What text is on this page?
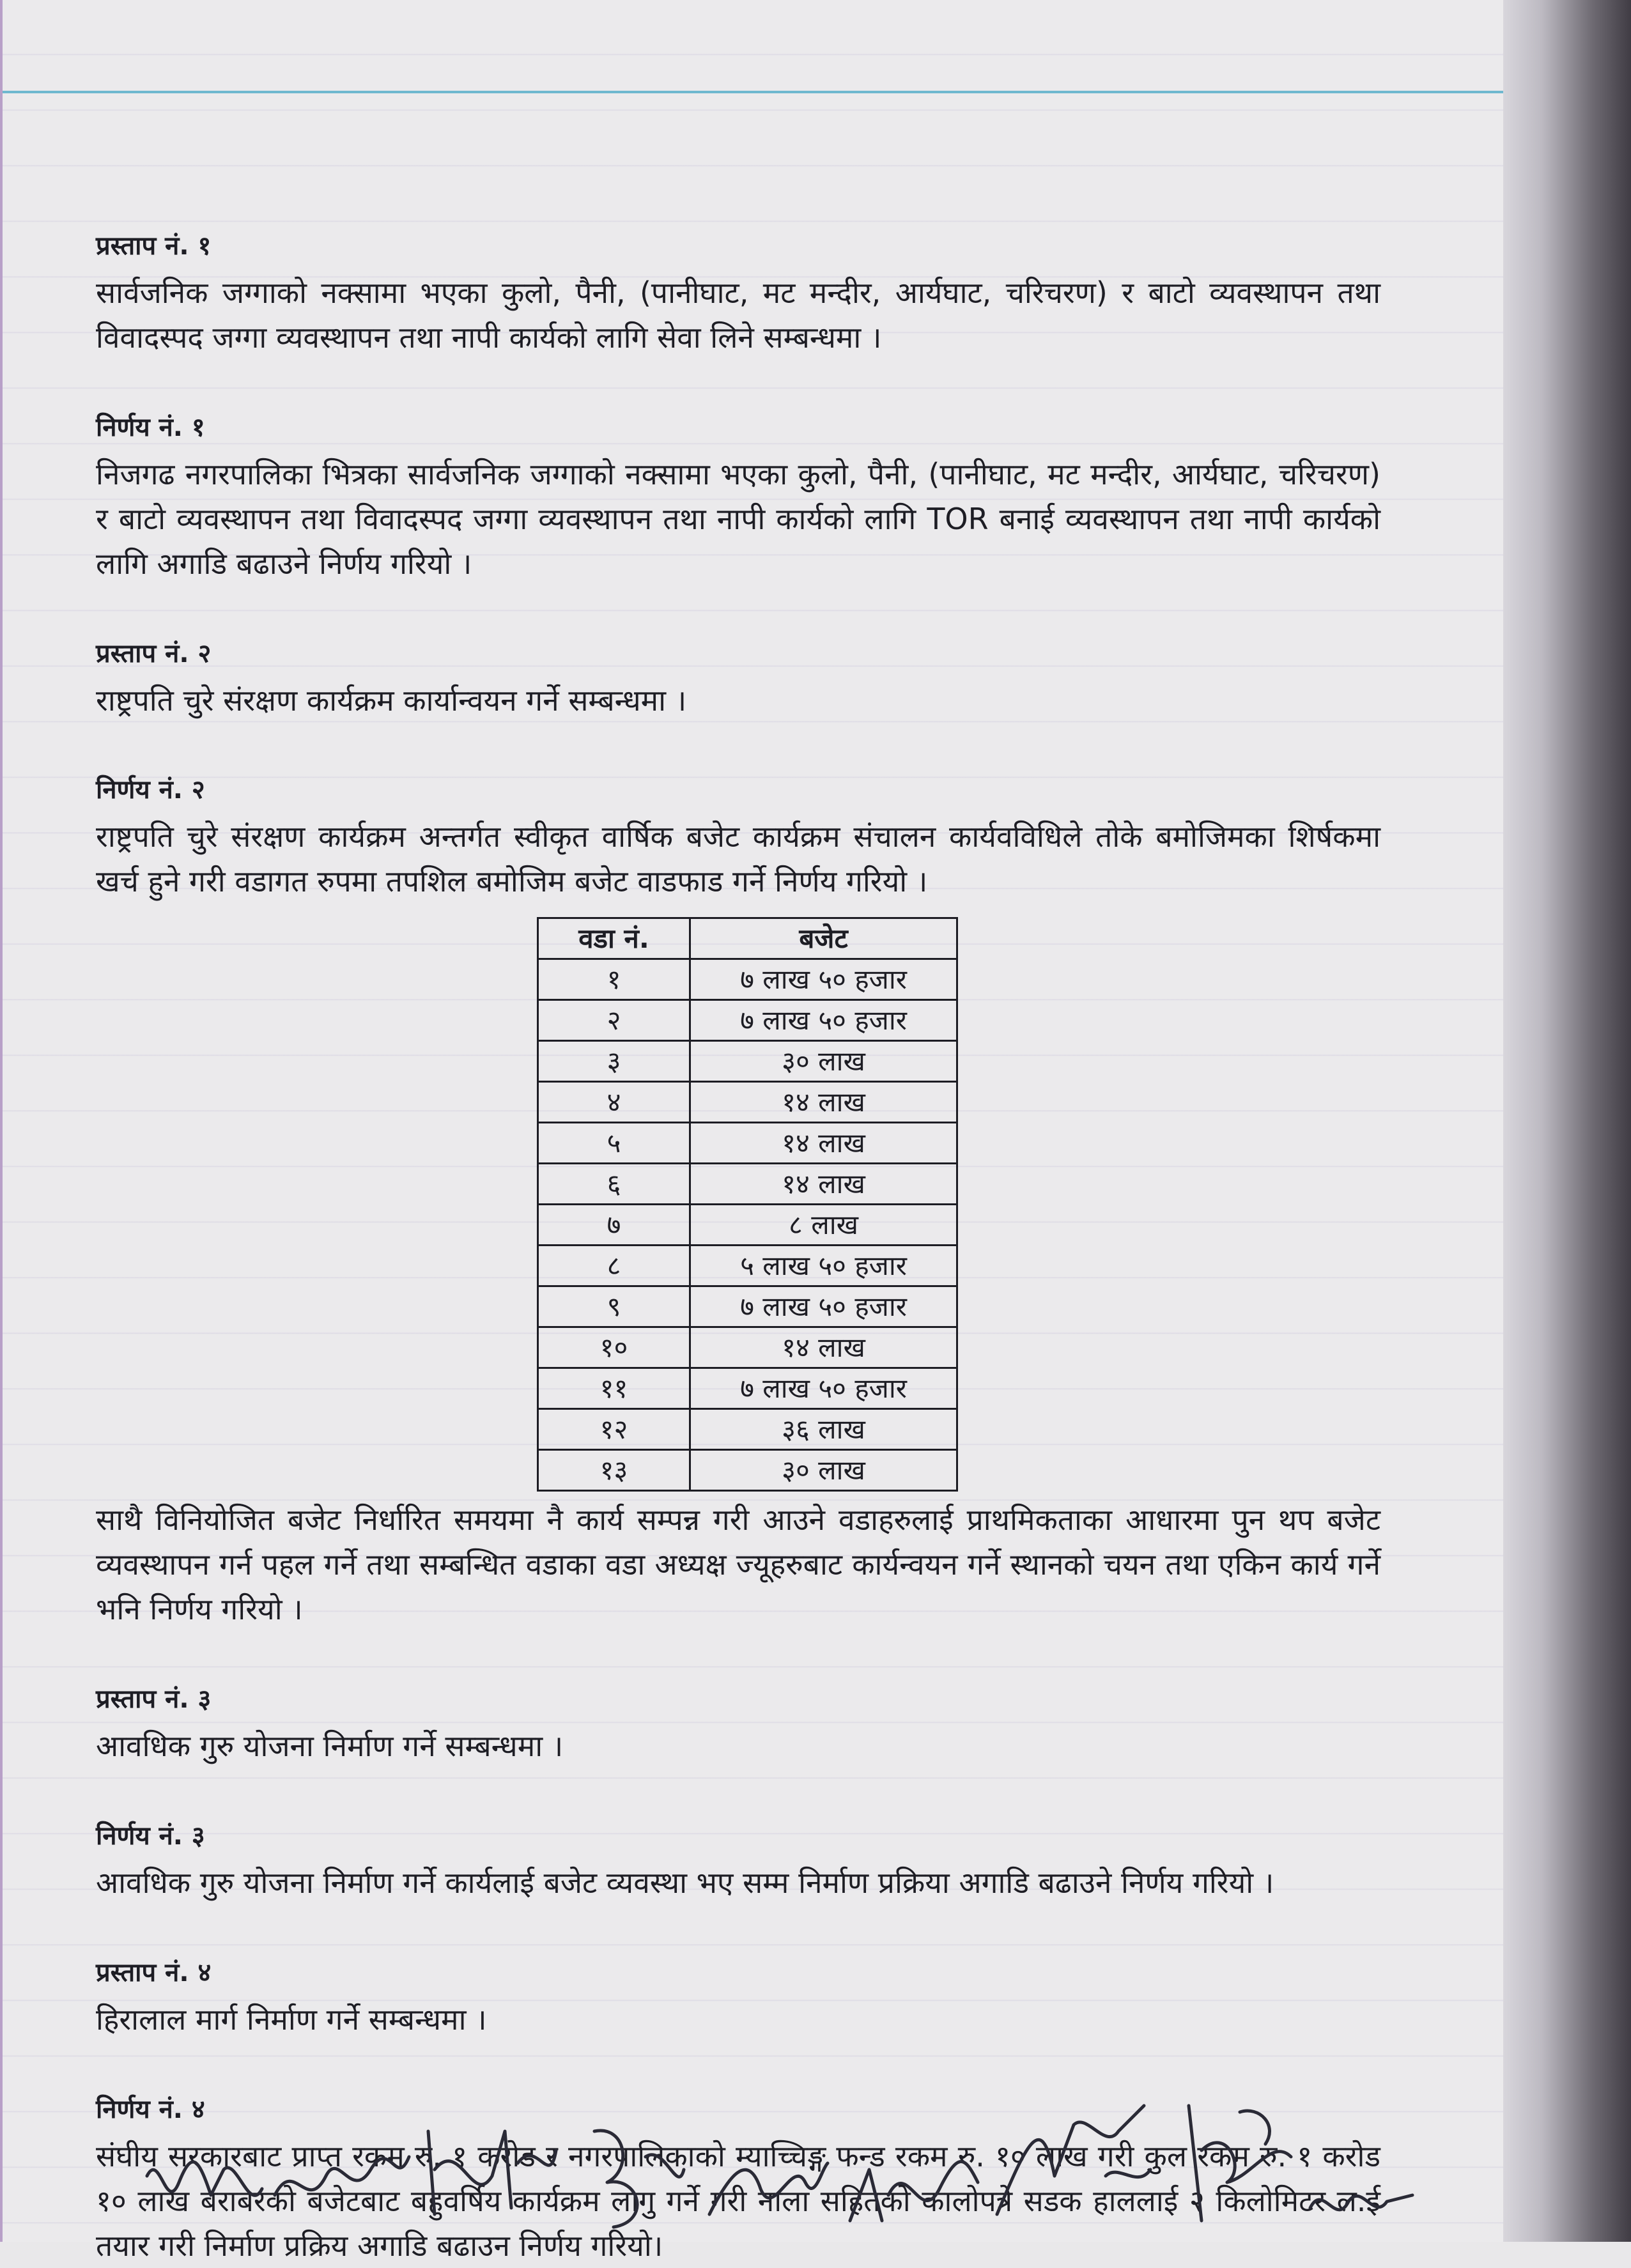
प्रस्ताप नं. १

सार्वजनिक जग्गाको नक्सामा भएका कुलो, पैनी, (पानीघाट, मट मन्दीर, आर्यघाट, चरिचरण) र बाटो व्यवस्थापन तथा विवादस्पद जग्गा व्यवस्थापन तथा नापी कार्यको लागि सेवा लिने सम्बन्धमा ।

निर्णय नं. १

निजगढ नगरपालिका भित्रका सार्वजनिक जग्गाको नक्सामा भएका कुलो, पैनी, (पानीघाट, मट मन्दीर, आर्यघाट, चरिचरण) र बाटो व्यवस्थापन तथा विवादस्पद जग्गा व्यवस्थापन तथा नापी कार्यको लागि TOR बनाई व्यवस्थापन तथा नापी कार्यको लागि अगाडि बढाउने निर्णय गरियो ।

प्रस्ताप नं. २

राष्ट्रपति चुरे संरक्षण कार्यक्रम कार्यान्वयन गर्ने सम्बन्धमा ।

निर्णय नं. २

राष्ट्रपति चुरे संरक्षण कार्यक्रम अन्तर्गत स्वीकृत वार्षिक बजेट कार्यक्रम संचालन कार्यवविधिले तोके बमोजिमका शिर्षकमा खर्च हुने गरी वडागत रुपमा तपशिल बमोजिम बजेट वाडफाड गर्ने निर्णय गरियो ।

वडा नं.	बजेट
१	७ लाख ५० हजार
२	७ लाख ५० हजार
३	३० लाख
४	१४ लाख
५	१४ लाख
६	१४ लाख
७	८ लाख
८	५ लाख ५० हजार
९	७ लाख ५० हजार
१०	१४ लाख
११	७ लाख ५० हजार
१२	३६ लाख
१३	३० लाख

साथै विनियोजित बजेट निर्धारित समयमा नै कार्य सम्पन्न गरी आउने वडाहरुलाई प्राथमिकताका आधारमा पुन थप बजेट व्यवस्थापन गर्न पहल गर्ने तथा सम्बन्धित वडाका वडा अध्यक्ष ज्यूहरुबाट कार्यन्वयन गर्ने स्थानको चयन तथा एकिन कार्य गर्ने भनि निर्णय गरियो ।

प्रस्ताप नं. ३

आवधिक गुरु योजना निर्माण गर्ने सम्बन्धमा ।

निर्णय नं. ३

आवधिक गुरु योजना निर्माण गर्ने कार्यलाई बजेट व्यवस्था भए सम्म निर्माण प्रक्रिया अगाडि बढाउने निर्णय गरियो ।

प्रस्ताप नं. ४

हिरालाल मार्ग निर्माण गर्ने सम्बन्धमा ।

निर्णय नं. ४

संघीय सरकारबाट प्राप्त रकम रु. १ करोड र नगरपालिकाको म्याच्चिङ्ग फन्ड रकम रु. १० लाख गरी कुल रकम रु. १ करोड १० लाख बराबरको बजेटबाट बहुवर्षिय कार्यक्रम लागु गर्ने गरी नाला सहितको कालोपत्रे सडक हाललाई २ किलोमिटर ल.ई तयार गरी निर्माण प्रक्रिय अगाडि बढाउन निर्णय गरियो।
